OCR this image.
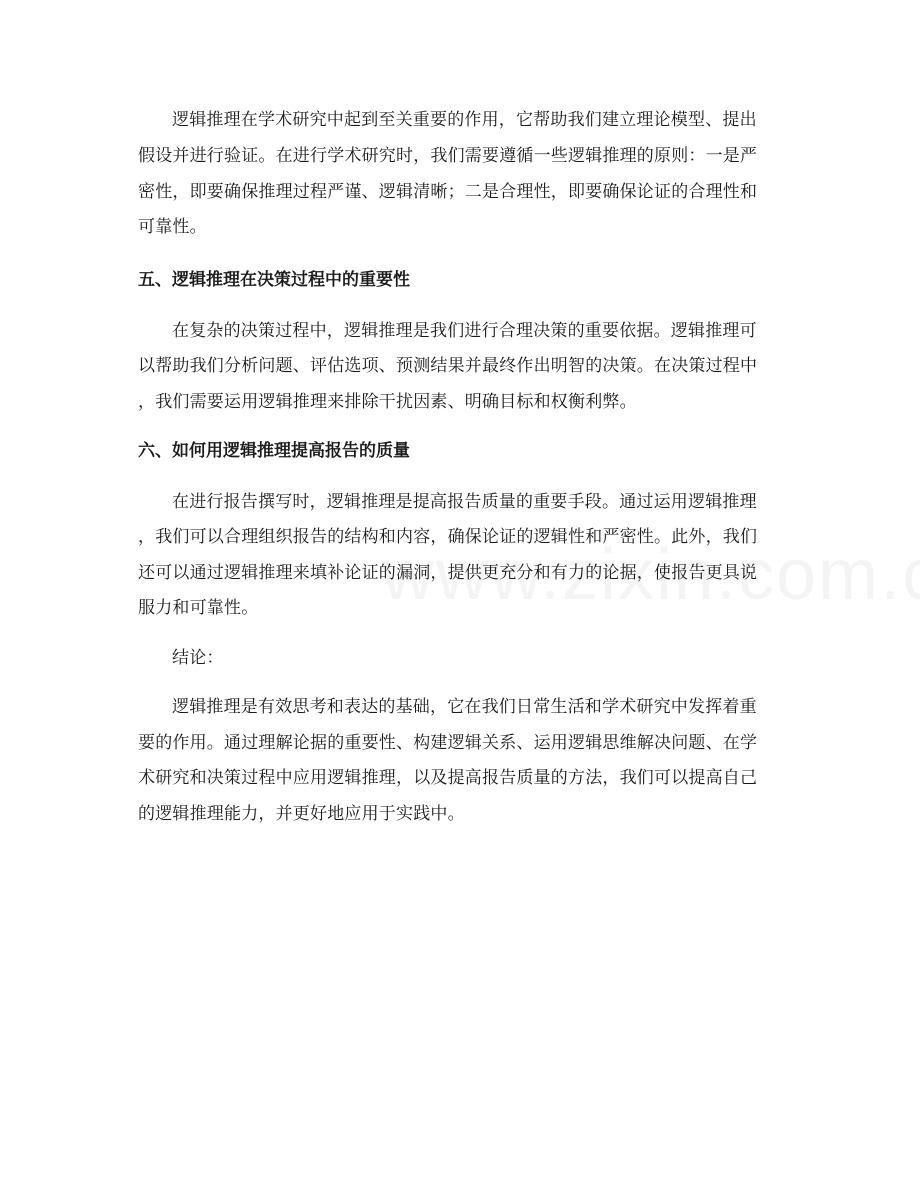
逻辑推理在学术研究中起到至关重要的作用，它帮助我们建立理论模型、提出
假设并进行验证。在进行学术研究时，我们需要遵循一些逻辑推理的原则：一是严
密性，即要确保推理过程严谨、逻辑清晰；二是合理性，即要确保论证的合理性和
可靠性。
五、逻辑推理在决策过程中的重要性
在复杂的决策过程中，逻辑推理是我们进行合理决策的重要依据。逻辑推理可
以帮助我们分析问题、评估选项、预测结果并最终作出明智的决策。在决策过程中
，我们需要运用逻辑推理来排除干扰因素、明确目标和权衡利弊。
六、如何用逻辑推理提高报告的质量
在进行报告撰写时，逻辑推理是提高报告质量的重要手段。通过运用逻辑推理
，我们可以合理组织报告的结构和内容，确保论证的逻辑性和严密性。此外，我们
还可以通过逻辑推理来填补论证的漏洞，提供更充分和有力的论据，使报告更具说
服力和可靠性。
结论：
逻辑推理是有效思考和表达的基础，它在我们日常生活和学术研究中发挥着重
要的作用。通过理解论据的重要性、构建逻辑关系、运用逻辑思维解决问题、在学
术研究和决策过程中应用逻辑推理，以及提高报告质量的方法，我们可以提高自己
的逻辑推理能力，并更好地应用于实践中。
